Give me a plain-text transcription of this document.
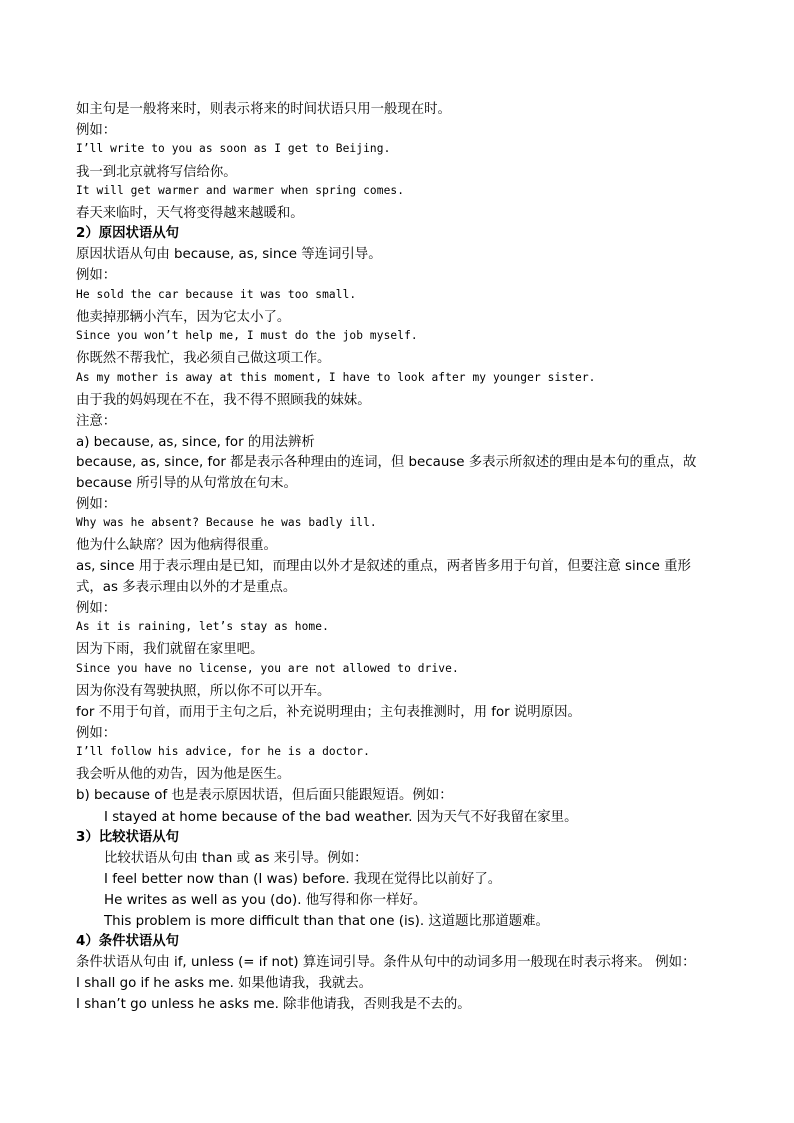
如主句是一般将来时，则表示将来的时间状语只用一般现在时。
例如：
I’ll write to you as soon as I get to Beijing.
我一到北京就将写信给你。
It will get warmer and warmer when spring comes.
春天来临时，天气将变得越来越暖和。
2）原因状语从句
原因状语从句由 because, as, since 等连词引导。
例如：
He sold the car because it was too small.
他卖掉那辆小汽车，因为它太小了。
Since you won’t help me, I must do the job myself.
你既然不帮我忙，我必须自己做这项工作。
As my mother is away at this moment, I have to look after my younger sister.
由于我的妈妈现在不在，我不得不照顾我的妹妹。
注意：
a) because, as, since, for 的用法辨析
because, as, since, for 都是表示各种理由的连词，但 because 多表示所叙述的理由是本句的重点，故
because 所引导的从句常放在句末。
例如：
Why was he absent? Because he was badly ill.
他为什么缺席？因为他病得很重。
as, since 用于表示理由是已知，而理由以外才是叙述的重点，两者皆多用于句首，但要注意 since 重形
式，as 多表示理由以外的才是重点。
例如：
As it is raining, let’s stay as home.
因为下雨，我们就留在家里吧。
Since you have no license, you are not allowed to drive.
因为你没有驾驶执照，所以你不可以开车。
for 不用于句首，而用于主句之后，补充说明理由；主句表推测时，用 for 说明原因。
例如：
I’ll follow his advice, for he is a doctor.
我会听从他的劝告，因为他是医生。
b) because of 也是表示原因状语，但后面只能跟短语。例如：
I stayed at home because of the bad weather. 因为天气不好我留在家里。
3）比较状语从句
比较状语从句由 than 或 as 来引导。例如：
I feel better now than (I was) before. 我现在觉得比以前好了。
He writes as well as you (do). 他写得和你一样好。
This problem is more difficult than that one (is). 这道题比那道题难。
4）条件状语从句
条件状语从句由 if, unless (= if not) 算连词引导。条件从句中的动词多用一般现在时表示将来。 例如：
I shall go if he asks me. 如果他请我，我就去。
I shan’t go unless he asks me. 除非他请我，否则我是不去的。
